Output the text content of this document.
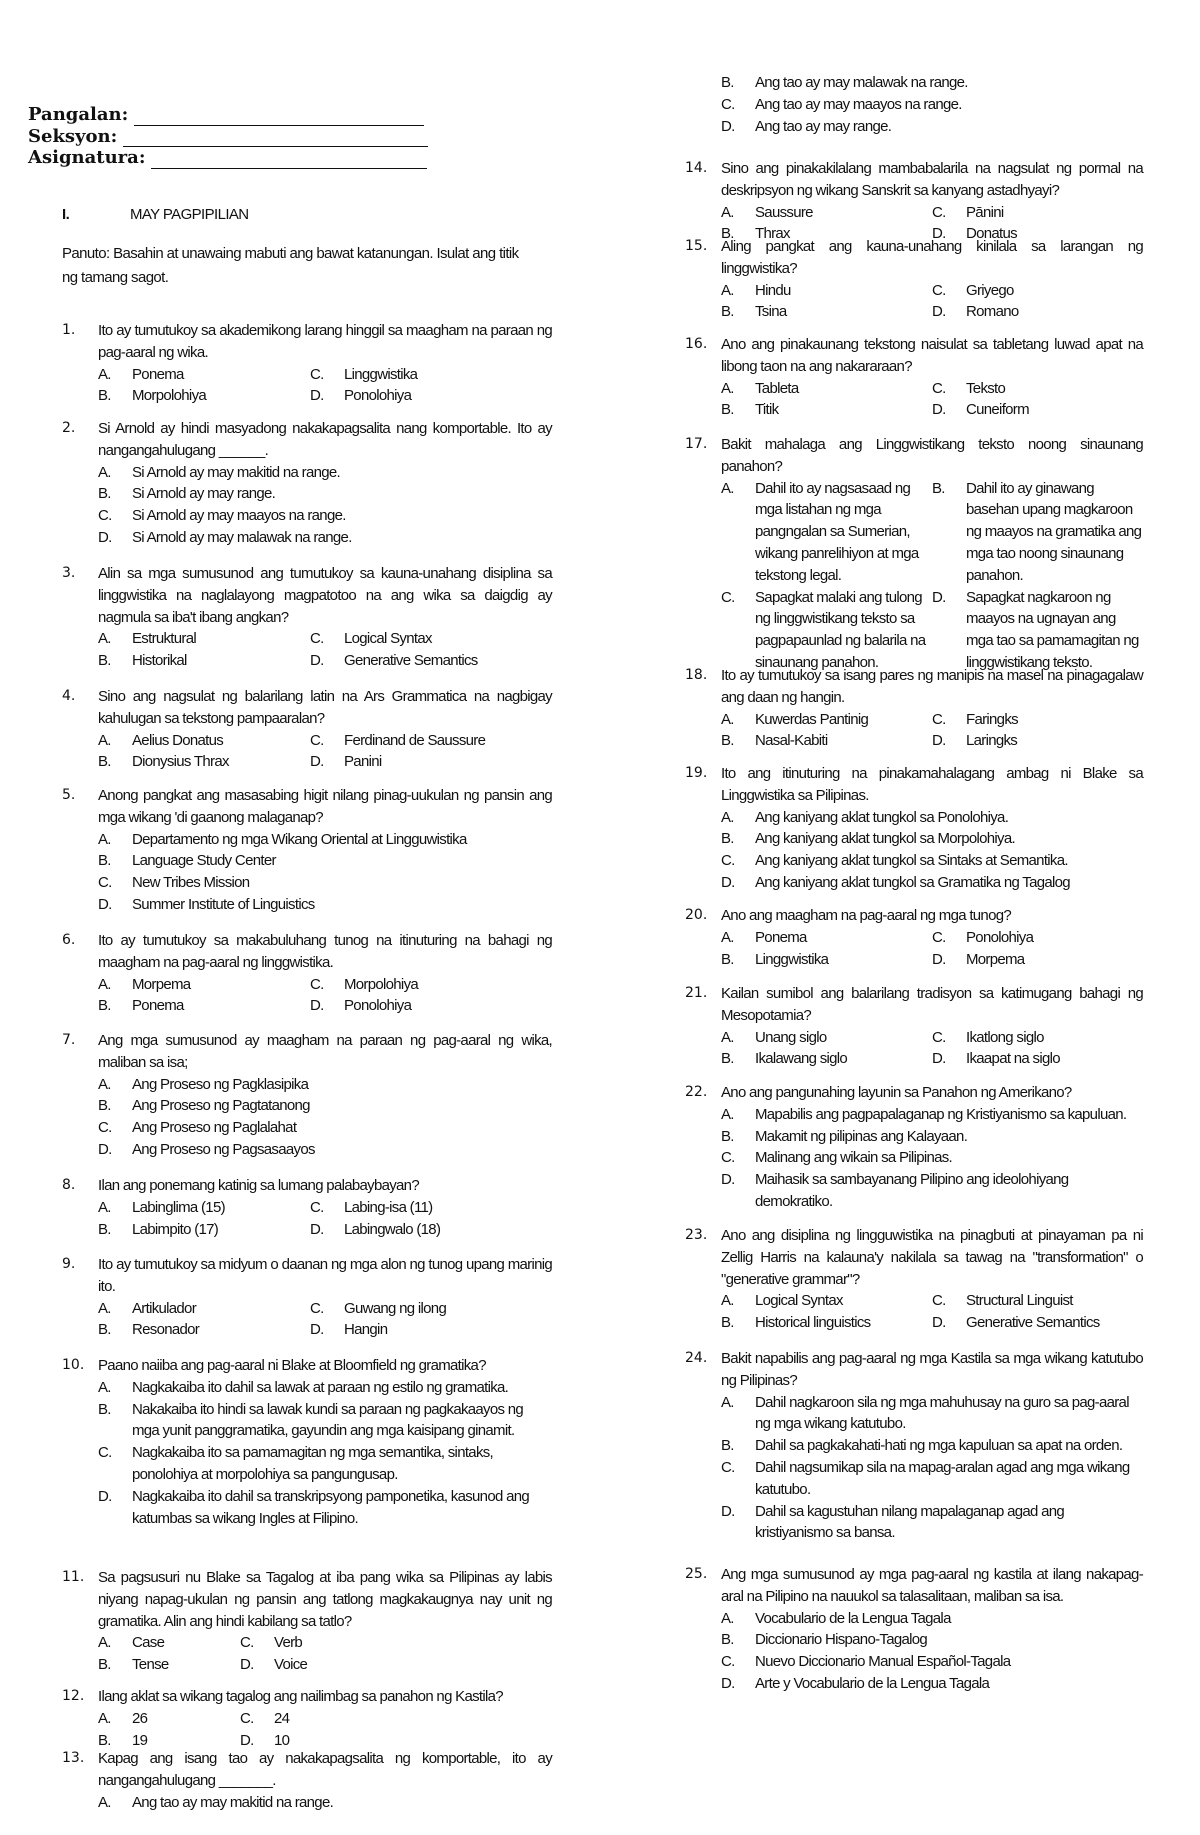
Pangalan:
Seksyon:
Asignatura:
I.	MAY PAGPIPILIAN
Panuto: Basahin at unawaing mabuti ang bawat katanungan. Isulat ang titik ng tamang sagot.
1.	Ito ay tumutukoy sa akademikong larang hinggil sa maagham na paraan ng pag-aaral ng wika.
A.	Ponema	C.	Linggwistika
B.	Morpolohiya	D.	Ponolohiya
2.	Si Arnold ay hindi masyadong nakakapagsalita nang komportable. Ito ay nangangahulugang ______.
A.	Si Arnold ay may makitid na range.
B.	Si Arnold ay may range.
C.	Si Arnold ay may maayos na range.
D.	Si Arnold ay may malawak na range.
3.	Alin sa mga sumusunod ang tumutukoy sa kauna-unahang disiplina sa linggwistika na naglalayong magpatotoo na ang wika sa daigdig ay nagmula sa iba't ibang angkan?
A.	Estruktural	C.	Logical Syntax
B.	Historikal	D.	Generative Semantics
4.	Sino ang nagsulat ng balarilang latin na Ars Grammatica na nagbigay kahulugan sa tekstong pampaaralan?
A.	Aelius Donatus	C.	Ferdinand de Saussure
B.	Dionysius Thrax	D.	Panini
5.	Anong pangkat ang masasabing higit nilang pinag-uukulan ng pansin ang mga wikang 'di gaanong malaganap?
A.	Departamento ng mga Wikang Oriental at Lingguwistika
B.	Language Study Center
C.	New Tribes Mission
D.	Summer Institute of Linguistics
6.	Ito ay tumutukoy sa makabuluhang tunog na itinuturing na bahagi ng maagham na pag-aaral ng linggwistika.
A.	Morpema	C.	Morpolohiya
B.	Ponema	D.	Ponolohiya
7.	Ang mga sumusunod ay maagham na paraan ng pag-aaral ng wika, maliban sa isa;
A.	Ang Proseso ng Pagklasipika
B.	Ang Proseso ng Pagtatanong
C.	Ang Proseso ng Paglalahat
D.	Ang Proseso ng Pagsasaayos
8.	Ilan ang ponemang katinig sa lumang palabaybayan?
A.	Labinglima (15)	C.	Labing-isa (11)
B.	Labimpito (17)	D.	Labingwalo (18)
9.	Ito ay tumutukoy sa midyum o daanan ng mga alon ng tunog upang marinig ito.
A.	Artikulador	C.	Guwang ng ilong
B.	Resonador	D.	Hangin
10. Paano naiiba ang pag-aaral ni Blake at Bloomfield ng gramatika?
A.	Nagkakaiba ito dahil sa lawak at paraan ng estilo ng gramatika.
B.	Nakakaiba ito hindi sa lawak kundi sa paraan ng pagkakaayos ng mga yunit panggramatika, gayundin ang mga kaisipang ginamit.
C.	Nagkakaiba ito sa pamamagitan ng mga semantika, sintaks, ponolohiya at morpolohiya sa pangungusap.
D.	Nagkakaiba ito dahil sa transkripsyong pamponetika, kasunod ang katumbas sa wikang Ingles at Filipino.
11. Sa pagsusuri nu Blake sa Tagalog at iba pang wika sa Pilipinas ay labis niyang napag-ukulan ng pansin ang tatlong magkakaugnya nay unit ng gramatika. Alin ang hindi kabilang sa tatlo?
A.	Case	C.	Verb
B.	Tense	D.	Voice
12. Ilang aklat sa wikang tagalog ang nailimbag sa panahon ng Kastila?
A.	26	C.	24
B.	19	D.	10
13. Kapag ang isang tao ay nakakapagsalita ng komportable, ito ay nangangahulugang _______.
A.	Ang tao ay may makitid na range.
14. Sino ang pinakakilalang mambabalarila na nagsulat ng pormal na deskripsyon ng wikang Sanskrit sa kanyang astadhyayi?
A.	Saussure	C.	Pānini
B.	Thrax	D.	Donatus
15. Aling pangkat ang kauna-unahang kinilala sa larangan ng linggwistika?
A.	Hindu	C.	Griyego
B.	Tsina	D.	Romano
16. Ano ang pinakaunang tekstong naisulat sa tabletang luwad apat na libong taon na ang nakararaan?
A.	Tableta	C.	Teksto
B.	Titik	D.	Cuneiform
17. Bakit mahalaga ang Linggwistikang teksto noong sinaunang panahon?
A.	Dahil ito ay nagsasaad ng mga listahan ng mga pangngalan sa Sumerian, wikang panrelihiyon at mga tekstong legal.
B.	Dahil ito ay ginawang basehan upang magkaroon ng maayos na gramatika ang mga tao noong sinaunang panahon.
C.	Sapagkat malaki ang tulong ng linggwistikang teksto sa pagpapaunlad ng balarila na sinaunang panahon.
D.	Sapagkat nagkaroon ng maayos na ugnayan ang mga tao sa pamamagitan ng linggwistikang teksto.
18. Ito ay tumutukoy sa isang pares ng manipis na masel na pinagagalaw ang daan ng hangin.
A.	Kuwerdas Pantinig	C.	Faringks
B.	Nasal-Kabiti	D.	Laringks
19. Ito ang itinuturing na pinakamahalagang ambag ni Blake sa Linggwistika sa Pilipinas.
A.	Ang kaniyang aklat tungkol sa Ponolohiya.
B.	Ang kaniyang aklat tungkol sa Morpolohiya.
C.	Ang kaniyang aklat tungkol sa Sintaks at Semantika.
D.	Ang kaniyang aklat tungkol sa Gramatika ng Tagalog
20. Ano ang maagham na pag-aaral ng mga tunog?
A.	Ponema	C.	Ponolohiya
B.	Linggwistika	D.	Morpema
21. Kailan sumibol ang balarilang tradisyon sa katimugang bahagi ng Mesopotamia?
A.	Unang siglo	C.	Ikatlong siglo
B.	Ikalawang siglo	D.	Ikaapat na siglo
22. Ano ang pangunahing layunin sa Panahon ng Amerikano?
A.	Mapabilis ang pagpapalaganap ng Kristiyanismo sa kapuluan.
B.	Makamit ng pilipinas ang Kalayaan.
C.	Malinang ang wikain sa Pilipinas.
D.	Maihasik sa sambayanang Pilipino ang ideolohiyang demokratiko.
23. Ano ang disiplina ng lingguwistika na pinagbuti at pinayaman pa ni Zellig Harris na kalauna'y nakilala sa tawag na "transformation" o "generative grammar"?
A.	Logical Syntax	C.	Structural Linguist
B.	Historical linguistics	D.	Generative Semantics
24. Bakit napabilis ang pag-aaral ng mga Kastila sa mga wikang katutubo ng Pilipinas?
A.	Dahil nagkaroon sila ng mga mahuhusay na guro sa pag-aaral ng mga wikang katutubo.
B.	Dahil sa pagkakahati-hati ng mga kapuluan sa apat na orden.
C.	Dahil nagsumikap sila na mapag-aralan agad ang mga wikang katutubo.
D.	Dahil sa kagustuhan nilang mapalaganap agad ang kristiyanismo sa bansa.
25. Ang mga sumusunod ay mga pag-aaral ng kastila at ilang nakapag-aral na Pilipino na nauukol sa talasalitaan, maliban sa isa.
A.	Vocabulario de la Lengua Tagala
B.	Diccionario Hispano-Tagalog
C.	Nuevo Diccionario Manual Español-Tagala
D.	Arte y Vocabulario de la Lengua Tagala
B.	Ang tao ay may malawak na range.
C.	Ang tao ay may maayos na range.
D.	Ang tao ay may range.
